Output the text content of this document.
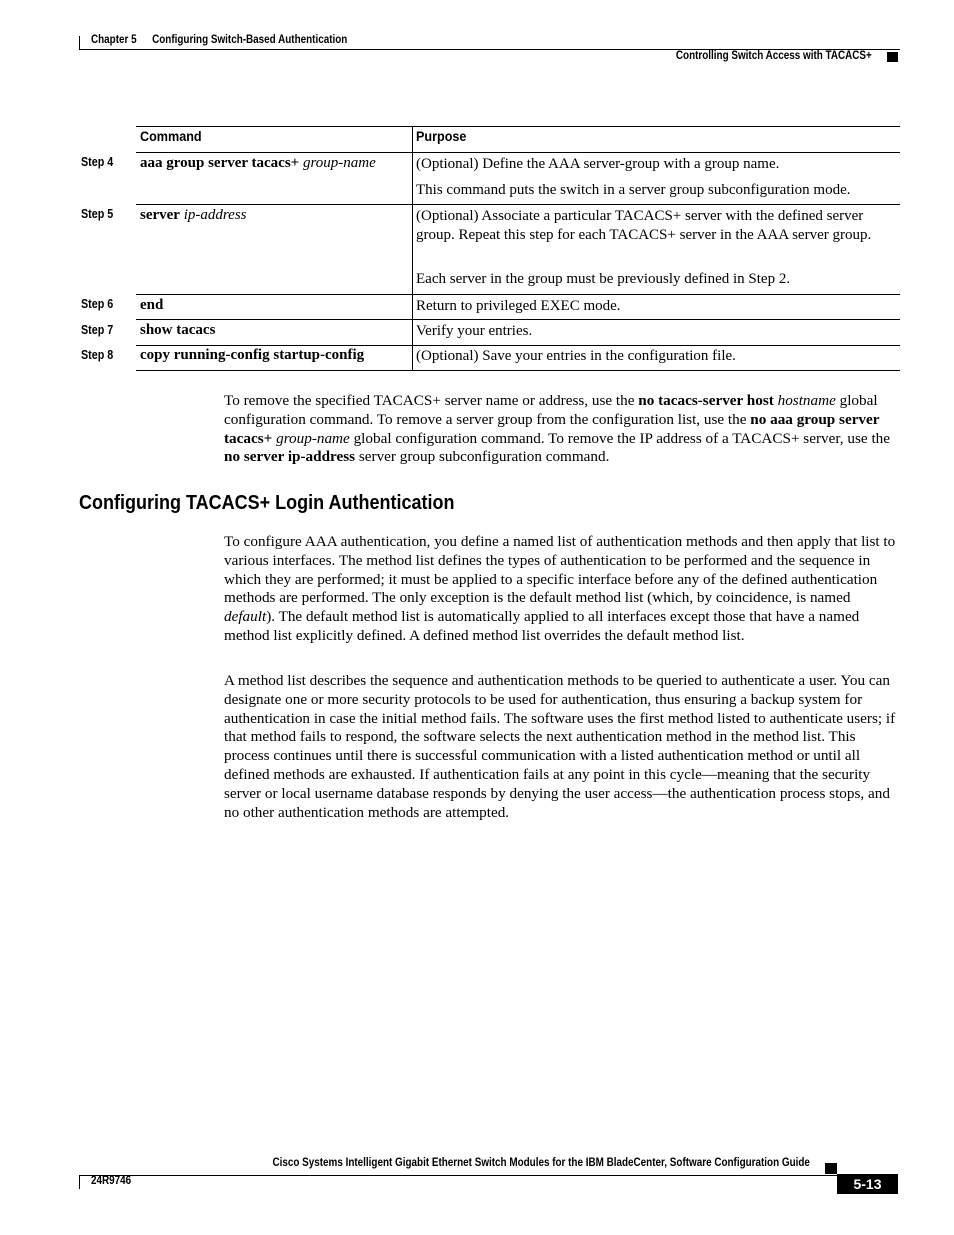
Chapter 5 Configuring Switch-Based Authentication
Controlling Switch Access with TACACS+
Command	Purpose
Step 4 aaa group server tacacs+ group-name	(Optional) Define the AAA server-group with a group name.
This command puts the switch in a server group subconfiguration mode.
Step 5 server ip-address	(Optional) Associate a particular TACACS+ server with the defined server group. Repeat this step for each TACACS+ server in the AAA server group.
Each server in the group must be previously defined in Step 2.
Step 6 end	Return to privileged EXEC mode.
Step 7 show tacacs	Verify your entries.
Step 8 copy running-config startup-config	(Optional) Save your entries in the configuration file.
To remove the specified TACACS+ server name or address, use the no tacacs-server host hostname global configuration command. To remove a server group from the configuration list, use the no aaa group server tacacs+ group-name global configuration command. To remove the IP address of a TACACS+ server, use the no server ip-address server group subconfiguration command.
Configuring TACACS+ Login Authentication
To configure AAA authentication, you define a named list of authentication methods and then apply that list to various interfaces. The method list defines the types of authentication to be performed and the sequence in which they are performed; it must be applied to a specific interface before any of the defined authentication methods are performed. The only exception is the default method list (which, by coincidence, is named default). The default method list is automatically applied to all interfaces except those that have a named method list explicitly defined. A defined method list overrides the default method list.
A method list describes the sequence and authentication methods to be queried to authenticate a user. You can designate one or more security protocols to be used for authentication, thus ensuring a backup system for authentication in case the initial method fails. The software uses the first method listed to authenticate users; if that method fails to respond, the software selects the next authentication method in the method list. This process continues until there is successful communication with a listed authentication method or until all defined methods are exhausted. If authentication fails at any point in this cycle—meaning that the security server or local username database responds by denying the user access—the authentication process stops, and no other authentication methods are attempted.
Cisco Systems Intelligent Gigabit Ethernet Switch Modules for the IBM BladeCenter, Software Configuration Guide
24R9746	5-13
